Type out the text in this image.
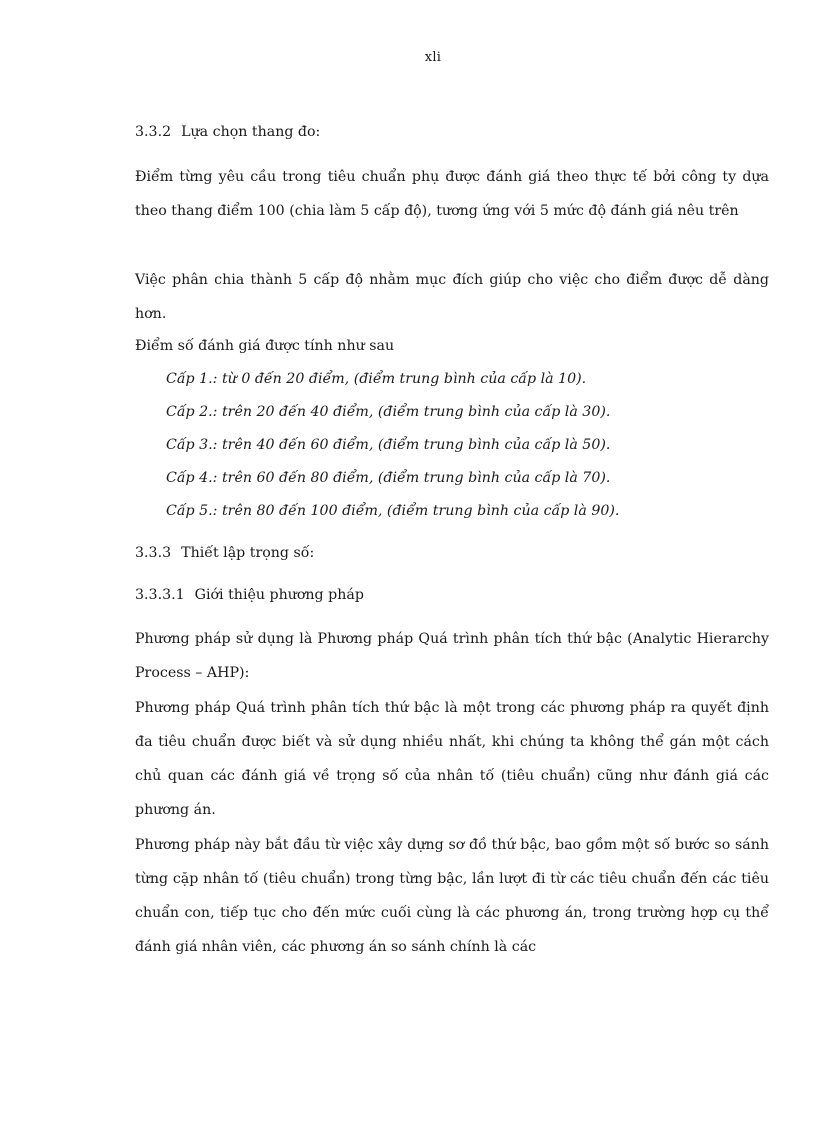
xli
3.3.2 Lựa chọn thang đo:
Điểm từng yêu cầu trong tiêu chuẩn phụ được đánh giá theo thực tế bởi công ty dựa theo thang điểm 100 (chia làm 5 cấp độ), tương ứng với 5 mức độ đánh giá nêu trên
Việc phân chia thành 5 cấp độ nhằm mục đích giúp cho việc cho điểm được dễ dàng hơn.
Điểm số đánh giá được tính như sau
Cấp 1.: từ 0 đến 20 điểm, (điểm trung bình của cấp là 10).
Cấp 2.: trên 20 đến 40 điểm, (điểm trung bình của cấp là 30).
Cấp 3.: trên 40 đến 60 điểm, (điểm trung bình của cấp là 50).
Cấp 4.: trên 60 đến 80 điểm, (điểm trung bình của cấp là 70).
Cấp 5.: trên 80 đến 100 điểm, (điểm trung bình của cấp là 90).
3.3.3 Thiết lập trọng số:
3.3.3.1 Giới thiệu phương pháp
Phương pháp sử dụng là Phương pháp Quá trình phân tích thứ bậc (Analytic Hierarchy Process – AHP):
Phương pháp Quá trình phân tích thứ bậc là một trong các phương pháp ra quyết định đa tiêu chuẩn được biết và sử dụng nhiều nhất, khi chúng ta không thể gán một cách chủ quan các đánh giá về trọng số của nhân tố (tiêu chuẩn) cũng như đánh giá các phương án.
Phương pháp này bắt đầu từ việc xây dựng sơ đồ thứ bậc, bao gồm một số bước so sánh từng cặp nhân tố (tiêu chuẩn) trong từng bậc, lần lượt đi từ các tiêu chuẩn đến các tiêu chuẩn con, tiếp tục cho đến mức cuối cùng là các phương án, trong trường hợp cụ thể đánh giá nhân viên, các phương án so sánh chính là các
